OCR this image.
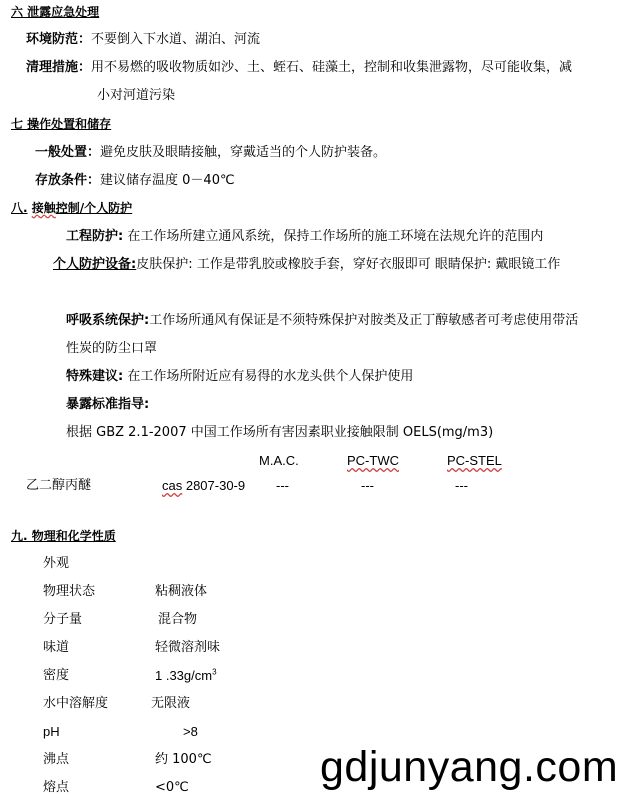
六 泄露应急处理
环境防范：不要倒入下水道、湖泊、河流
清理措施：用不易燃的吸收物质如沙、土、蛭石、硅藻土，控制和收集泄露物，尽可能收集，减
小对河道污染
七 操作处置和储存
一般处置：避免皮肤及眼睛接触，穿戴适当的个人防护装备。
存放条件：建议储存温度 0－40℃
八. 接触控制/个人防护
工程防护: 在工作场所建立通风系统，保持工作场所的施工环境在法规允许的范围内
个人防护设备:皮肤保护: 工作是带乳胶或橡胶手套，穿好衣服即可 眼睛保护: 戴眼镜工作
呼吸系统保护:工作场所通风有保证是不须特殊保护对胺类及正丁醇敏感者可考虑使用带活
性炭的防尘口罩
特殊建议: 在工作场所附近应有易得的水龙头供个人保护使用
暴露标准指导:
根据 GBZ 2.1-2007 中国工作场所有害因素职业接触限制 OELS(mg/m3)
M.A.C.	PC-TWC	PC-STEL
乙二醇丙醚	cas 2807-30-9 ---	---	---
九. 物理和化学性质
外观
物理状态	粘稠液体
分子量	混合物
味道	轻微溶剂味
密度	1 $.33g/cm^3$
水中溶解度	无限液
pH	>8
沸点	约 100℃
熔点	<0℃	gdjunyang.com
